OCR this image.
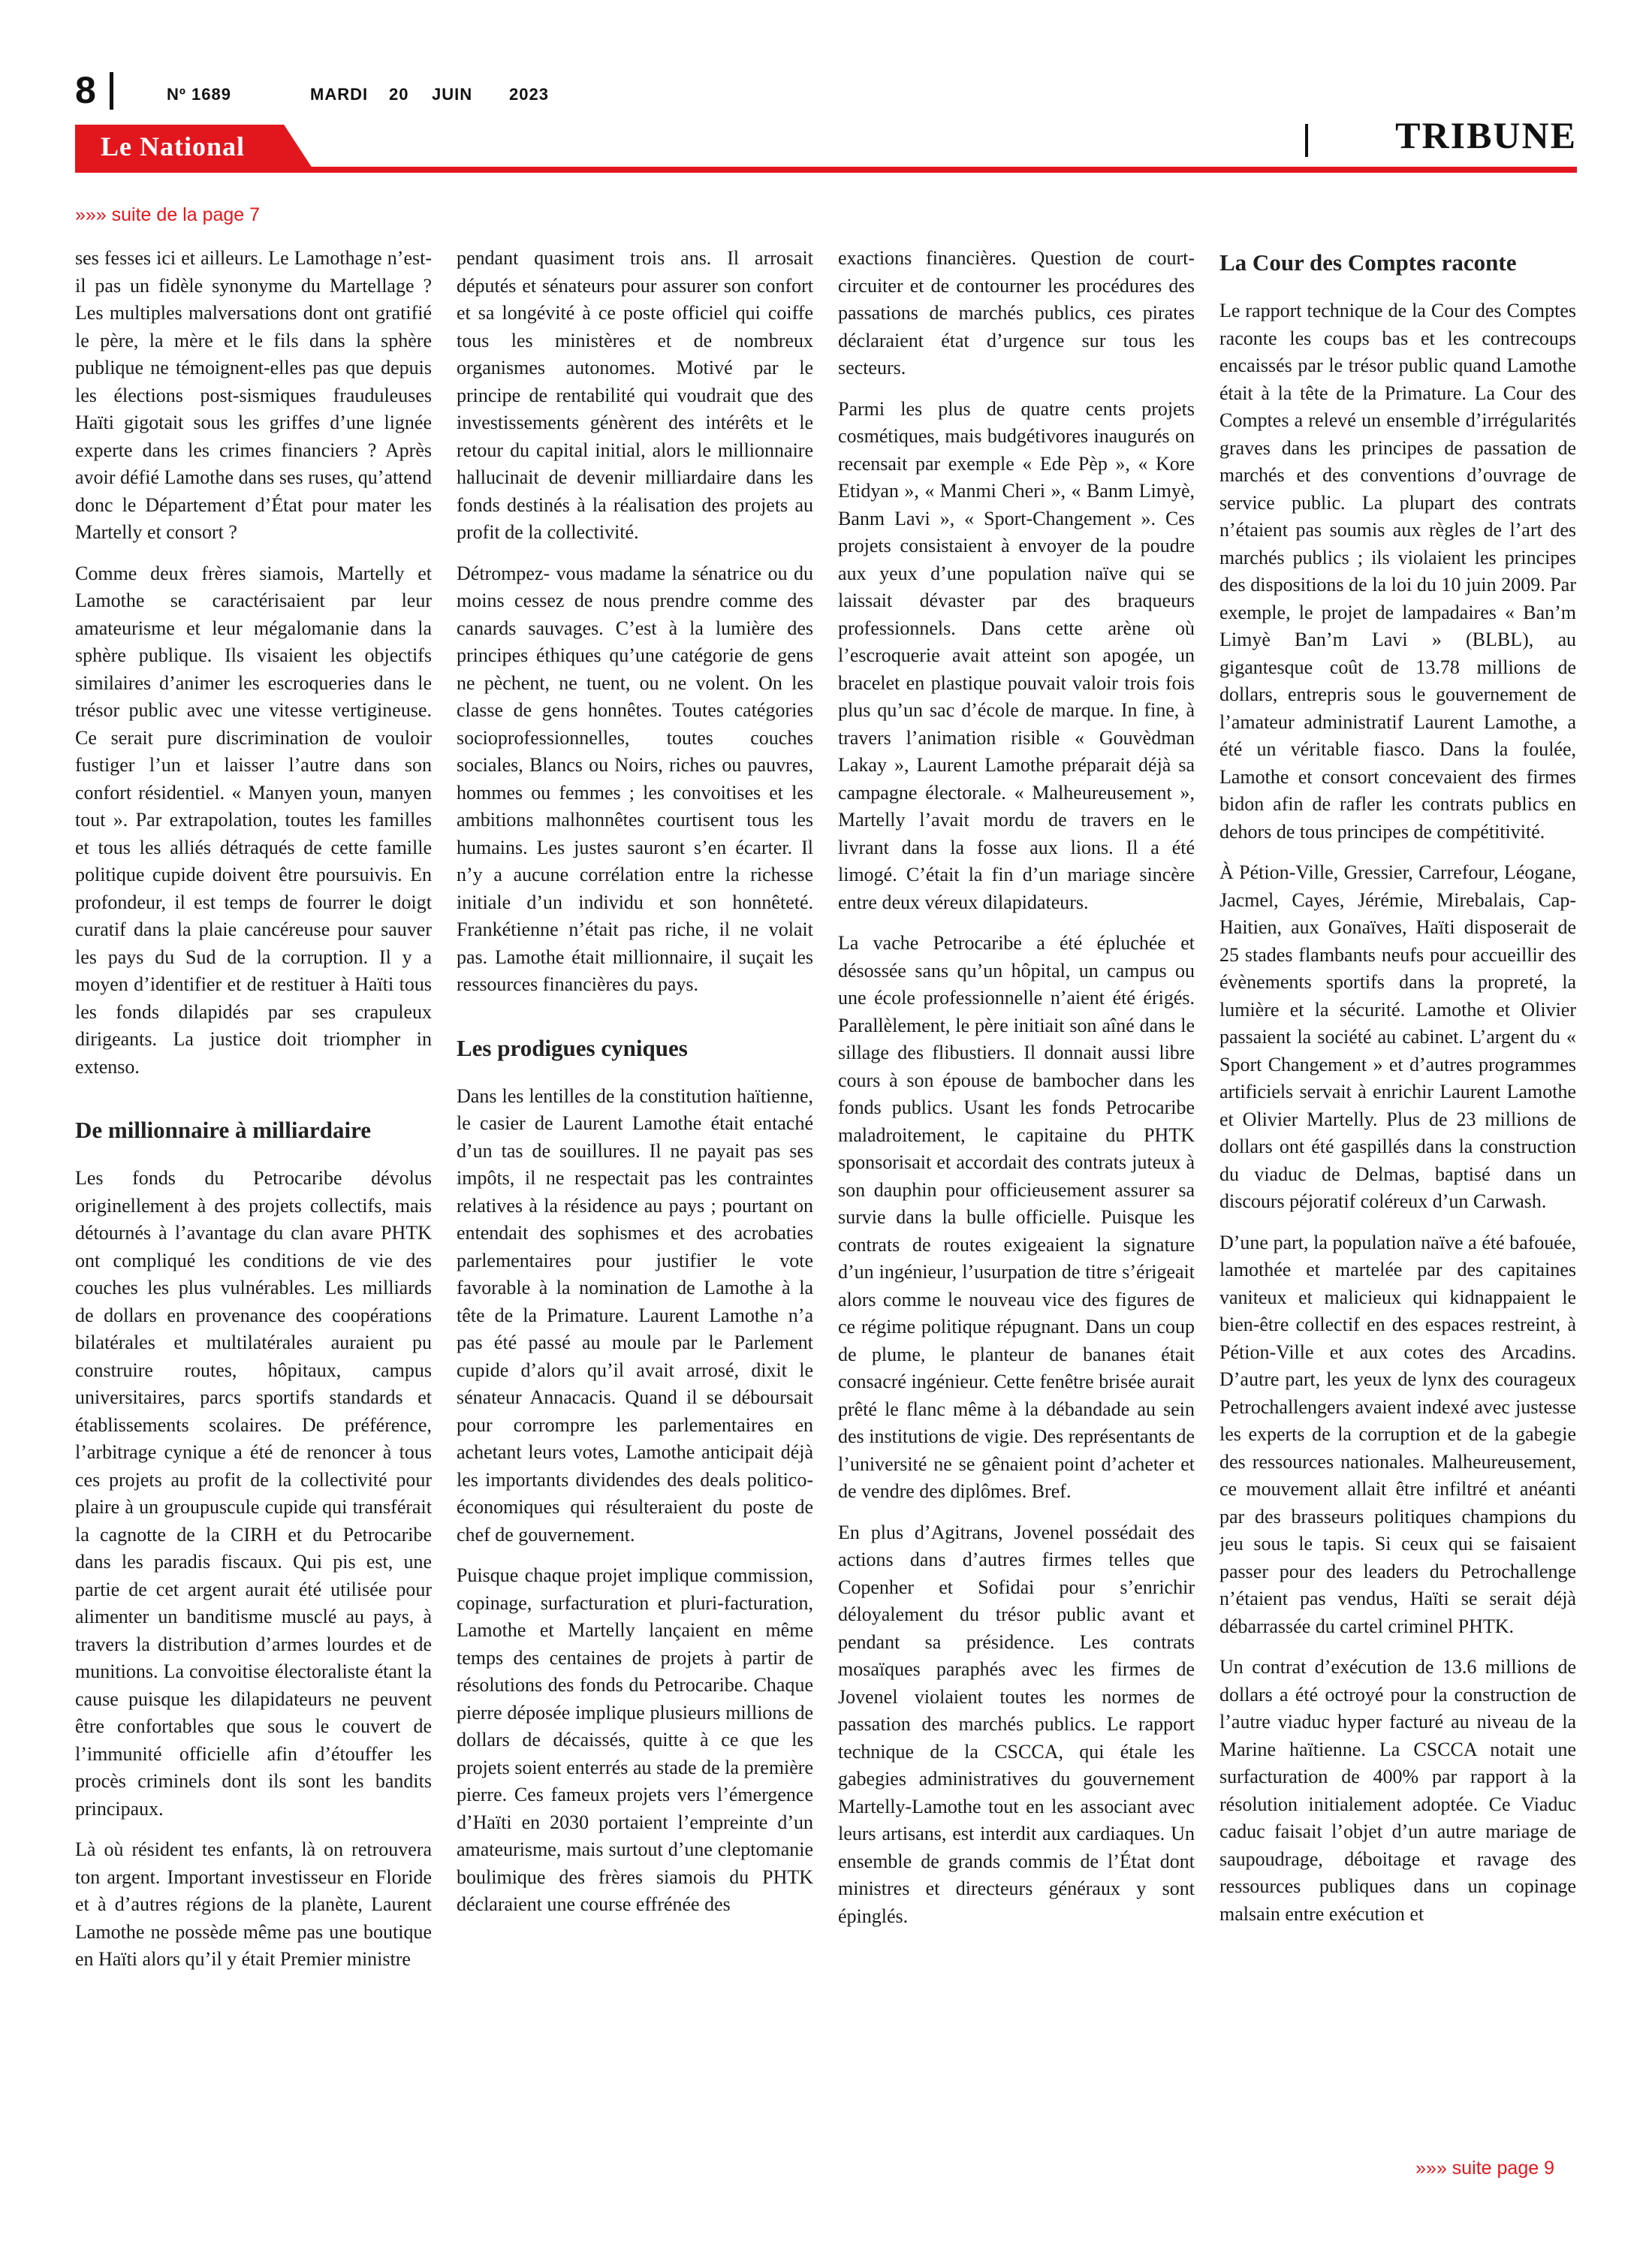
8	Nº 1689	MARDI 20 JUIN 2023
Le National	TRIBUNE
»»» suite de la page 7

ses fesses ici et ailleurs. Le Lamothage n’est-il pas un fidèle synonyme du Martellage ? Les multiples malversations dont ont gratifié le père, la mère et le fils dans la sphère publique ne témoignent-elles pas que depuis les élections post-sismiques frauduleuses Haïti gigotait sous les griffes d’une lignée experte dans les crimes financiers ? Après avoir défié Lamothe dans ses ruses, qu’attend donc le Département d’État pour mater les Martelly et consort ?

Comme deux frères siamois, Martelly et Lamothe se caractérisaient par leur amateurisme et leur mégalomanie dans la sphère publique. Ils visaient les objectifs similaires d’animer les escroqueries dans le trésor public avec une vitesse vertigineuse. Ce serait pure discrimination de vouloir fustiger l’un et laisser l’autre dans son confort résidentiel. « Manyen youn, manyen tout ». Par extrapolation, toutes les familles et tous les alliés détraqués de cette famille politique cupide doivent être poursuivis. En profondeur, il est temps de fourrer le doigt curatif dans la plaie cancéreuse pour sauver les pays du Sud de la corruption. Il y a moyen d’identifier et de restituer à Haïti tous les fonds dilapidés par ses crapuleux dirigeants. La justice doit triompher in extenso.

De millionnaire à milliardaire

Les fonds du Petrocaribe dévolus originellement à des projets collectifs, mais détournés à l’avantage du clan avare PHTK ont compliqué les conditions de vie des couches les plus vulnérables. Les milliards de dollars en provenance des coopérations bilatérales et multilatérales auraient pu construire routes, hôpitaux, campus universitaires, parcs sportifs standards et établissements scolaires. De préférence, l’arbitrage cynique a été de renoncer à tous ces projets au profit de la collectivité pour plaire à un groupuscule cupide qui transférait la cagnotte de la CIRH et du Petrocaribe dans les paradis fiscaux. Qui pis est, une partie de cet argent aurait été utilisée pour alimenter un banditisme musclé au pays, à travers la distribution d’armes lourdes et de munitions. La convoitise électoraliste étant la cause puisque les dilapidateurs ne peuvent être confortables que sous le couvert de l’immunité officielle afin d’étouffer les procès criminels dont ils sont les bandits principaux.

Là où résident tes enfants, là on retrouvera ton argent. Important investisseur en Floride et à d’autres régions de la planète, Laurent Lamothe ne possède même pas une boutique en Haïti alors qu’il y était Premier ministre

pendant quasiment trois ans. Il arrosait députés et sénateurs pour assurer son confort et sa longévité à ce poste officiel qui coiffe tous les ministères et de nombreux organismes autonomes. Motivé par le principe de rentabilité qui voudrait que des investissements génèrent des intérêts et le retour du capital initial, alors le millionnaire hallucinait de devenir milliardaire dans les fonds destinés à la réalisation des projets au profit de la collectivité.

Détrompez- vous madame la sénatrice ou du moins cessez de nous prendre comme des canards sauvages. C’est à la lumière des principes éthiques qu’une catégorie de gens ne pèchent, ne tuent, ou ne volent. On les classe de gens honnêtes. Toutes catégories socioprofessionnelles, toutes couches sociales, Blancs ou Noirs, riches ou pauvres, hommes ou femmes ; les convoitises et les ambitions malhonnêtes courtisent tous les humains. Les justes sauront s’en écarter. Il n’y a aucune corrélation entre la richesse initiale d’un individu et son honnêteté. Frankétienne n’était pas riche, il ne volait pas. Lamothe était millionnaire, il suçait les ressources financières du pays.

Les prodigues cyniques

Dans les lentilles de la constitution haïtienne, le casier de Laurent Lamothe était entaché d’un tas de souillures. Il ne payait pas ses impôts, il ne respectait pas les contraintes relatives à la résidence au pays ; pourtant on entendait des sophismes et des acrobaties parlementaires pour justifier le vote favorable à la nomination de Lamothe à la tête de la Primature. Laurent Lamothe n’a pas été passé au moule par le Parlement cupide d’alors qu’il avait arrosé, dixit le sénateur Annacacis. Quand il se déboursait pour corrompre les parlementaires en achetant leurs votes, Lamothe anticipait déjà les importants dividendes des deals politico-économiques qui résulteraient du poste de chef de gouvernement.

Puisque chaque projet implique commission, copinage, surfacturation et pluri-facturation, Lamothe et Martelly lançaient en même temps des centaines de projets à partir de résolutions des fonds du Petrocaribe. Chaque pierre déposée implique plusieurs millions de dollars de décaissés, quitte à ce que les projets soient enterrés au stade de la première pierre. Ces fameux projets vers l’émergence d’Haïti en 2030 portaient l’empreinte d’un amateurisme, mais surtout d’une cleptomanie boulimique des frères siamois du PHTK déclaraient une course effrénée des

exactions financières. Question de court-circuiter et de contourner les procédures des passations de marchés publics, ces pirates déclaraient état d’urgence sur tous les secteurs.

Parmi les plus de quatre cents projets cosmétiques, mais budgétivores inaugurés on recensait par exemple « Ede Pèp », « Kore Etidyan », « Manmi Cheri », « Banm Limyè, Banm Lavi », « Sport-Changement ». Ces projets consistaient à envoyer de la poudre aux yeux d’une population naïve qui se laissait dévaster par des braqueurs professionnels. Dans cette arène où l’escroquerie avait atteint son apogée, un bracelet en plastique pouvait valoir trois fois plus qu’un sac d’école de marque. In fine, à travers l’animation risible « Gouvèdman Lakay », Laurent Lamothe préparait déjà sa campagne électorale. « Malheureusement », Martelly l’avait mordu de travers en le livrant dans la fosse aux lions. Il a été limogé. C’était la fin d’un mariage sincère entre deux véreux dilapidateurs.

La vache Petrocaribe a été épluchée et désossée sans qu’un hôpital, un campus ou une école professionnelle n’aient été érigés. Parallèlement, le père initiait son aîné dans le sillage des flibustiers. Il donnait aussi libre cours à son épouse de bambocher dans les fonds publics. Usant les fonds Petrocaribe maladroitement, le capitaine du PHTK sponsorisait et accordait des contrats juteux à son dauphin pour officieusement assurer sa survie dans la bulle officielle. Puisque les contrats de routes exigeaient la signature d’un ingénieur, l’usurpation de titre s’érigeait alors comme le nouveau vice des figures de ce régime politique répugnant. Dans un coup de plume, le planteur de bananes était consacré ingénieur. Cette fenêtre brisée aurait prêté le flanc même à la débandade au sein des institutions de vigie. Des représentants de l’université ne se gênaient point d’acheter et de vendre des diplômes. Bref.

En plus d’Agitrans, Jovenel possédait des actions dans d’autres firmes telles que Copenher et Sofidai pour s’enrichir déloyalement du trésor public avant et pendant sa présidence. Les contrats mosaïques paraphés avec les firmes de Jovenel violaient toutes les normes de passation des marchés publics. Le rapport technique de la CSCCA, qui étale les gabegies administratives du gouvernement Martelly-Lamothe tout en les associant avec leurs artisans, est interdit aux cardiaques. Un ensemble de grands commis de l’État dont ministres et directeurs généraux y sont épinglés.

La Cour des Comptes raconte

Le rapport technique de la Cour des Comptes raconte les coups bas et les contrecoups encaissés par le trésor public quand Lamothe était à la tête de la Primature. La Cour des Comptes a relevé un ensemble d’irrégularités graves dans les principes de passation de marchés et des conventions d’ouvrage de service public. La plupart des contrats n’étaient pas soumis aux règles de l’art des marchés publics ; ils violaient les principes des dispositions de la loi du 10 juin 2009. Par exemple, le projet de lampadaires « Ban’m Limyè Ban’m Lavi » (BLBL), au gigantesque coût de 13.78 millions de dollars, entrepris sous le gouvernement de l’amateur administratif Laurent Lamothe, a été un véritable fiasco. Dans la foulée, Lamothe et consort concevaient des firmes bidon afin de rafler les contrats publics en dehors de tous principes de compétitivité.

À Pétion-Ville, Gressier, Carrefour, Léogane, Jacmel, Cayes, Jérémie, Mirebalais, Cap-Haitien, aux Gonaïves, Haïti disposerait de 25 stades flambants neufs pour accueillir des évènements sportifs dans la propreté, la lumière et la sécurité. Lamothe et Olivier passaient la société au cabinet. L’argent du « Sport Changement » et d’autres programmes artificiels servait à enrichir Laurent Lamothe et Olivier Martelly. Plus de 23 millions de dollars ont été gaspillés dans la construction du viaduc de Delmas, baptisé dans un discours péjoratif coléreux d’un Carwash.

D’une part, la population naïve a été bafouée, lamothée et martelée par des capitaines vaniteux et malicieux qui kidnappaient le bien-être collectif en des espaces restreint, à Pétion-Ville et aux cotes des Arcadins. D’autre part, les yeux de lynx des courageux Petrochallengers avaient indexé avec justesse les experts de la corruption et de la gabegie des ressources nationales. Malheureusement, ce mouvement allait être infiltré et anéanti par des brasseurs politiques champions du jeu sous le tapis. Si ceux qui se faisaient passer pour des leaders du Petrochallenge n’étaient pas vendus, Haïti se serait déjà débarrassée du cartel criminel PHTK.

Un contrat d’exécution de 13.6 millions de dollars a été octroyé pour la construction de l’autre viaduc hyper facturé au niveau de la Marine haïtienne. La CSCCA notait une surfacturation de 400% par rapport à la résolution initialement adoptée. Ce Viaduc caduc faisait l’objet d’un autre mariage de saupoudrage, déboitage et ravage des ressources publiques dans un copinage malsain entre exécution et

»»» suite page 9
